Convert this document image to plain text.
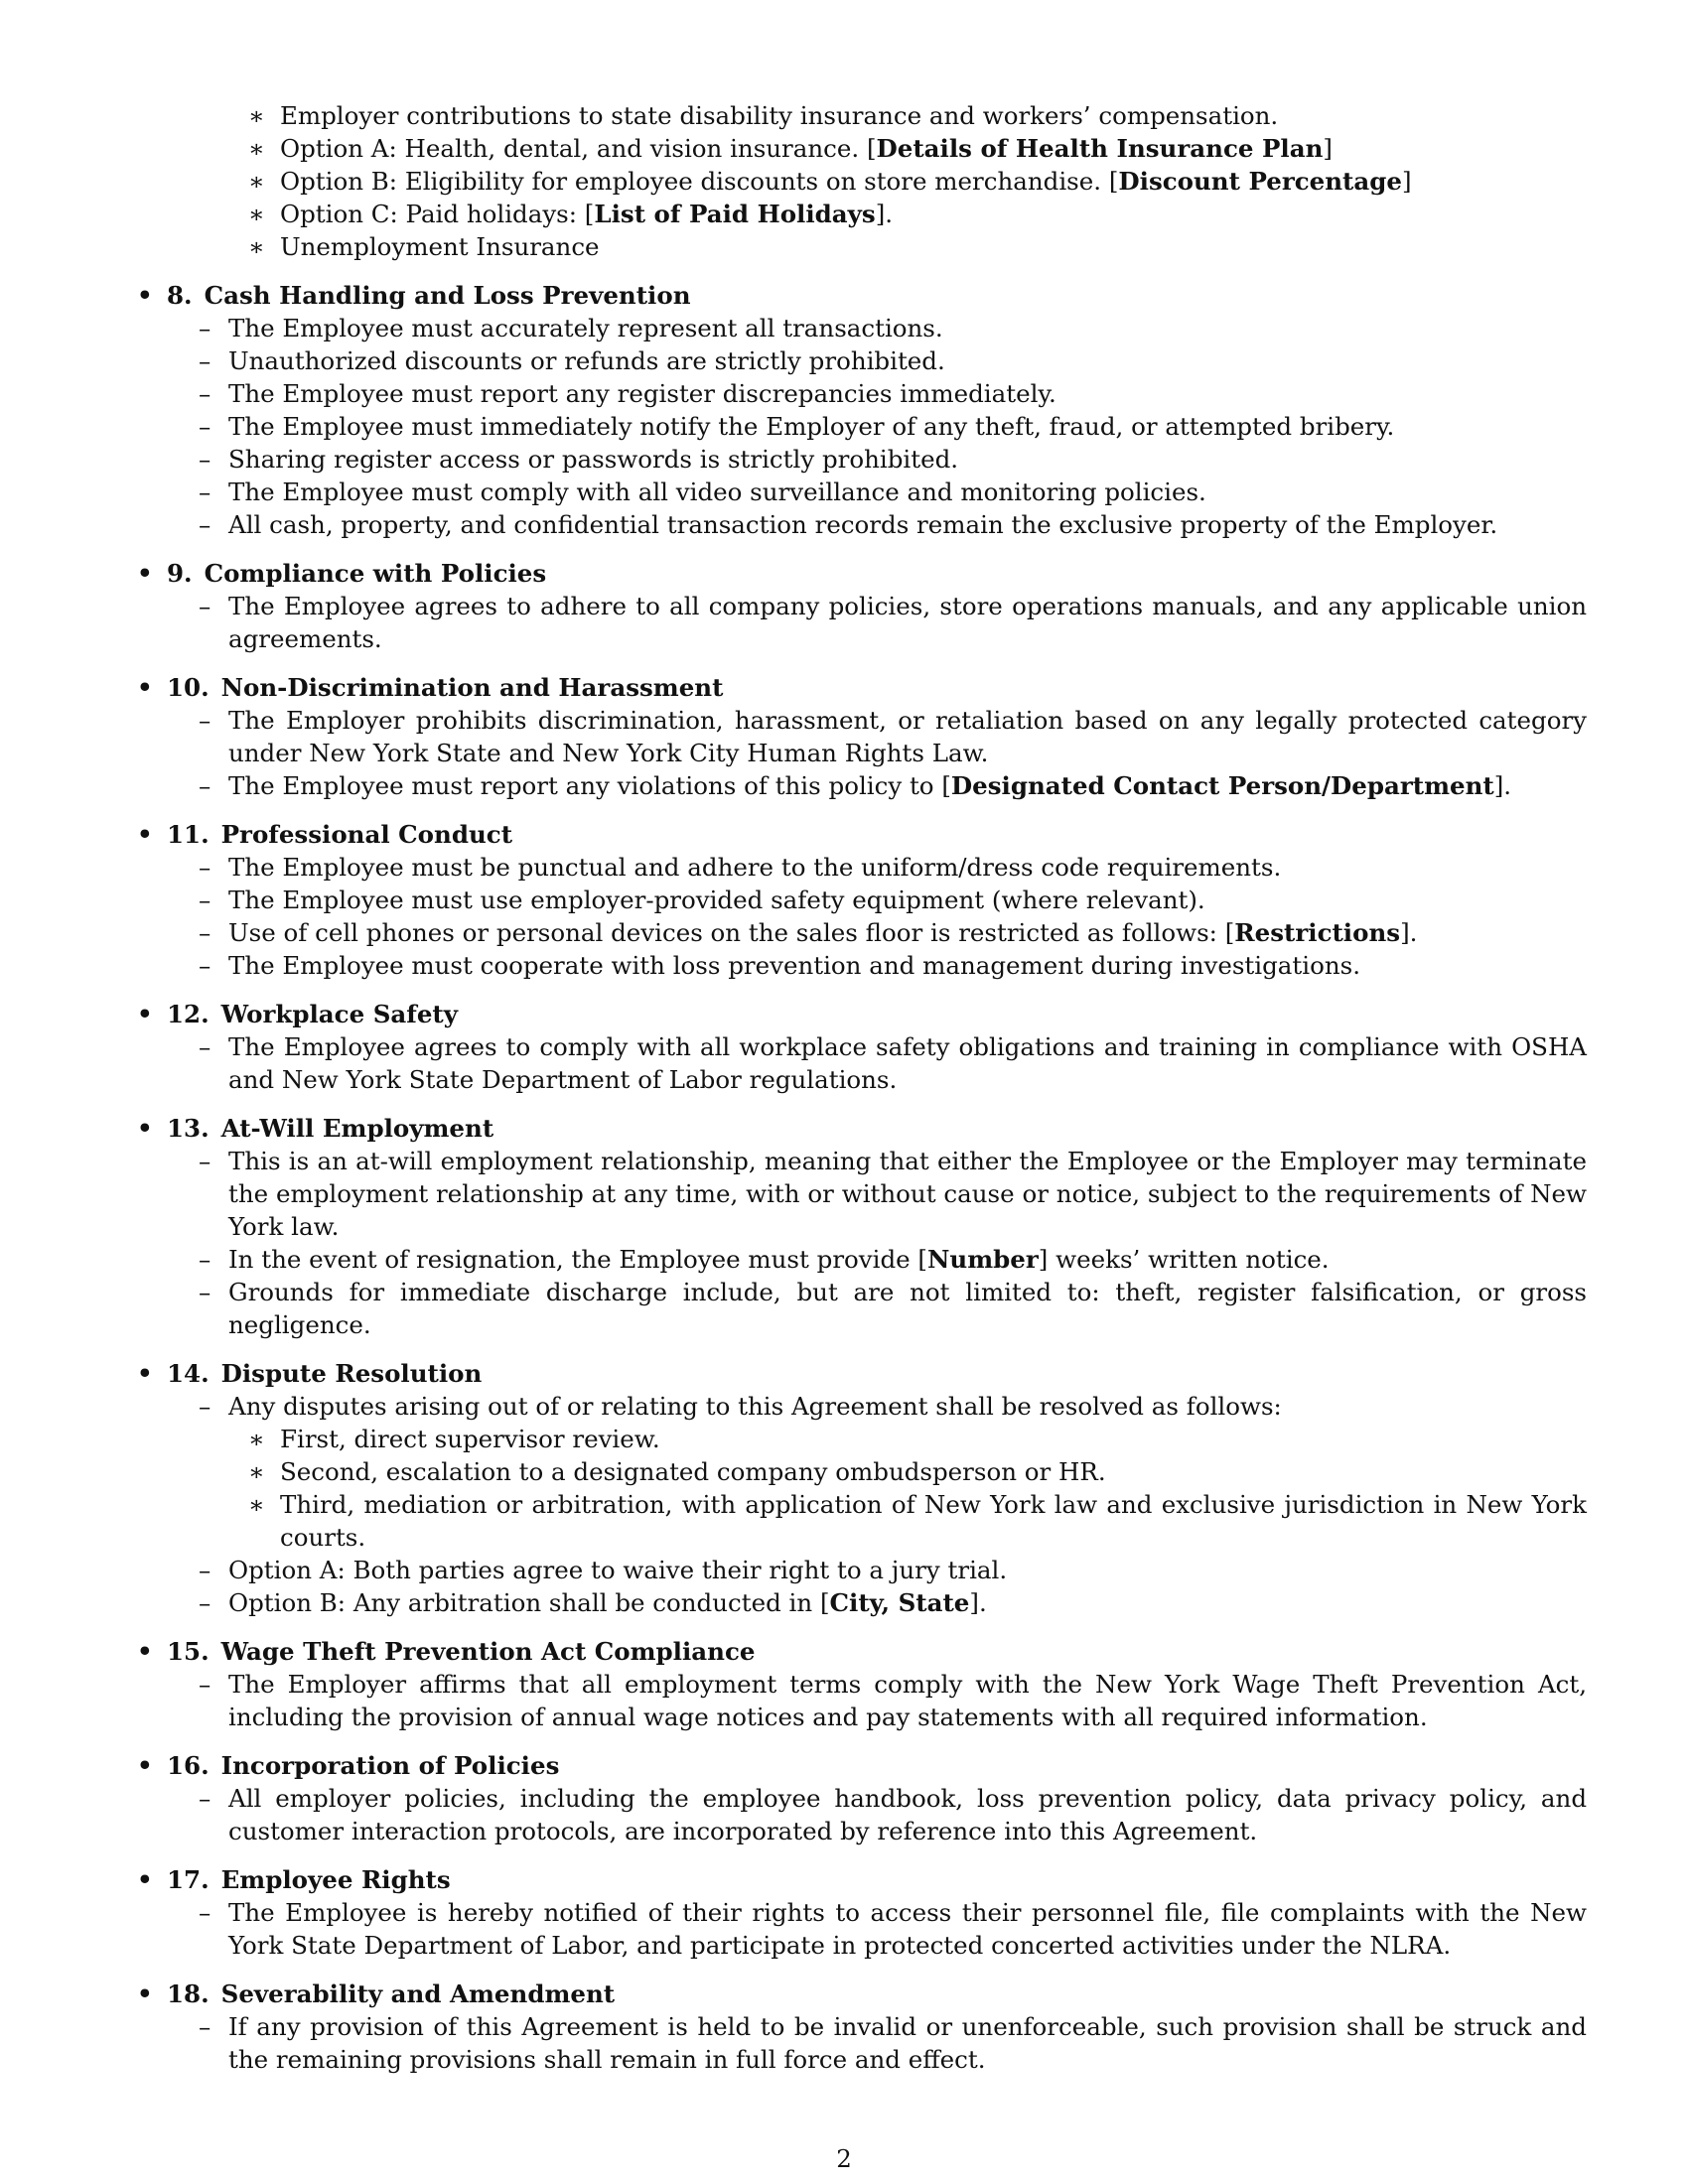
∗ Employer contributions to state disability insurance and workers’ compensation.
∗ Option A: Health, dental, and vision insurance. [Details of Health Insurance Plan]
∗ Option B: Eligibility for employee discounts on store merchandise. [Discount Percentage]
∗ Option C: Paid holidays: [List of Paid Holidays].
∗ Unemployment Insurance
• 8. Cash Handling and Loss Prevention
– The Employee must accurately represent all transactions.
– Unauthorized discounts or refunds are strictly prohibited.
– The Employee must report any register discrepancies immediately.
– The Employee must immediately notify the Employer of any theft, fraud, or attempted bribery.
– Sharing register access or passwords is strictly prohibited.
– The Employee must comply with all video surveillance and monitoring policies.
– All cash, property, and confidential transaction records remain the exclusive property of the Employer.
• 9. Compliance with Policies
– The Employee agrees to adhere to all company policies, store operations manuals, and any applicable union agreements.
• 10. Non-Discrimination and Harassment
– The Employer prohibits discrimination, harassment, or retaliation based on any legally protected category under New York State and New York City Human Rights Law.
– The Employee must report any violations of this policy to [Designated Contact Person/Department].
• 11. Professional Conduct
– The Employee must be punctual and adhere to the uniform/dress code requirements.
– The Employee must use employer-provided safety equipment (where relevant).
– Use of cell phones or personal devices on the sales floor is restricted as follows: [Restrictions].
– The Employee must cooperate with loss prevention and management during investigations.
• 12. Workplace Safety
– The Employee agrees to comply with all workplace safety obligations and training in compliance with OSHA and New York State Department of Labor regulations.
• 13. At-Will Employment
– This is an at-will employment relationship, meaning that either the Employee or the Employer may terminate the employment relationship at any time, with or without cause or notice, subject to the requirements of New York law.
– In the event of resignation, the Employee must provide [Number] weeks’ written notice.
– Grounds for immediate discharge include, but are not limited to: theft, register falsification, or gross negligence.
• 14. Dispute Resolution
– Any disputes arising out of or relating to this Agreement shall be resolved as follows:
∗ First, direct supervisor review.
∗ Second, escalation to a designated company ombudsperson or HR.
∗ Third, mediation or arbitration, with application of New York law and exclusive jurisdiction in New York courts.
– Option A: Both parties agree to waive their right to a jury trial.
– Option B: Any arbitration shall be conducted in [City, State].
• 15. Wage Theft Prevention Act Compliance
– The Employer affirms that all employment terms comply with the New York Wage Theft Prevention Act, including the provision of annual wage notices and pay statements with all required information.
• 16. Incorporation of Policies
– All employer policies, including the employee handbook, loss prevention policy, data privacy policy, and customer interaction protocols, are incorporated by reference into this Agreement.
• 17. Employee Rights
– The Employee is hereby notified of their rights to access their personnel file, file complaints with the New York State Department of Labor, and participate in protected concerted activities under the NLRA.
• 18. Severability and Amendment
– If any provision of this Agreement is held to be invalid or unenforceable, such provision shall be struck and the remaining provisions shall remain in full force and effect.
2
